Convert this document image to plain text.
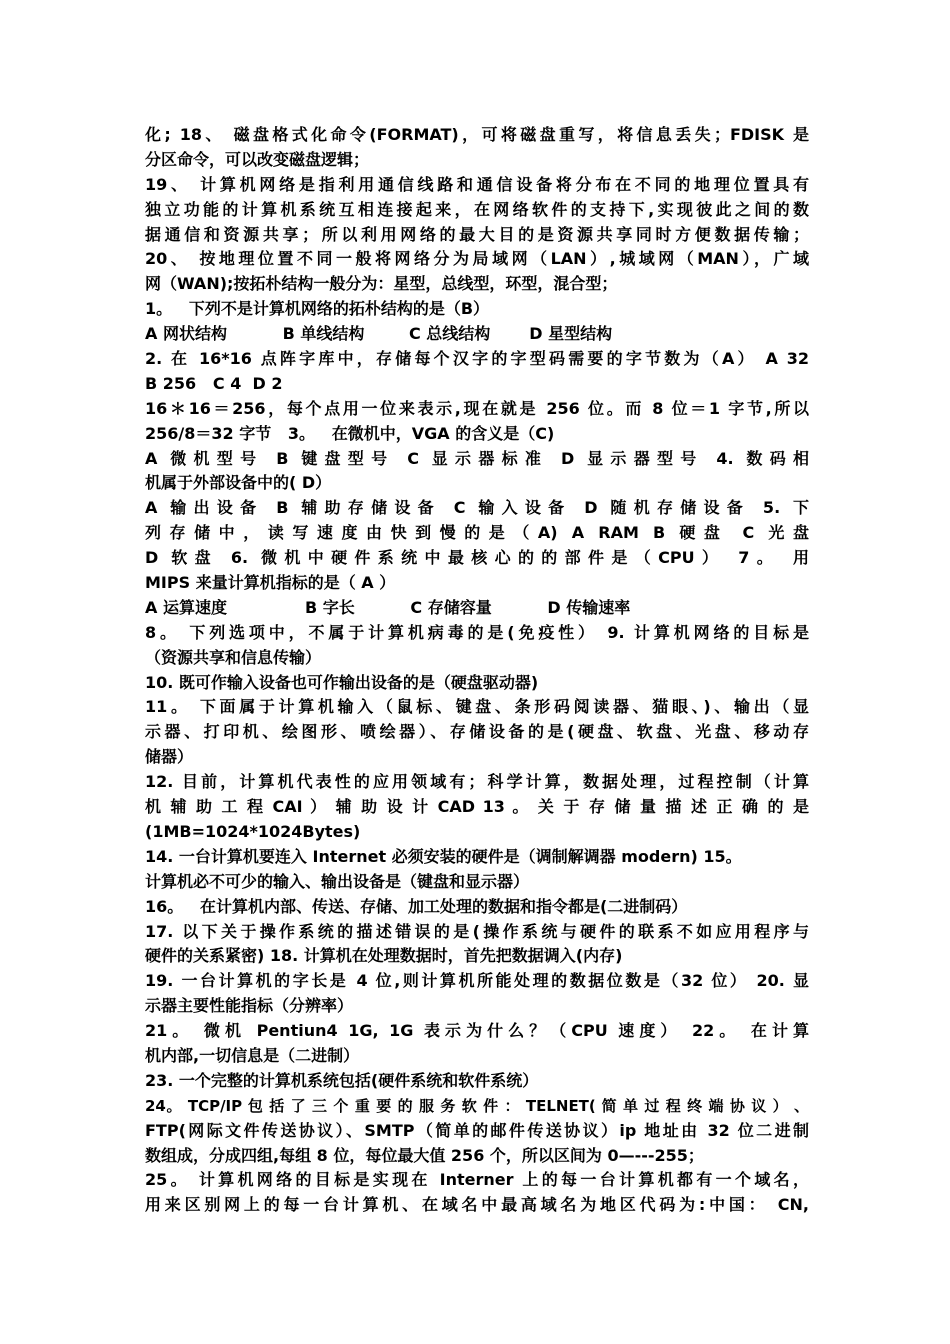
化; 18、 磁盘格式化命令(FORMAT)，可将磁盘重写，将信息丢失；FDISK 是
分区命令，可以改变磁盘逻辑；
19、 计算机网络是指利用通信线路和通信设备将分布在不同的地理位置具有
独立功能的计算机系统互相连接起来，在网络软件的支持下,实现彼此之间的数
据通信和资源共享；所以利用网络的最大目的是资源共享同时方便数据传输；
20、 按地理位置不同一般将网络分为局域网（LAN）,城域网（MAN），广域
网（WAN);按拓朴结构一般分为：星型，总线型，环型，混合型；
1。   下列不是计算机网络的拓朴结构的是（B）
A 网状结构          B 单线结构        C 总线结构       D 星型结构
2. 在 16*16 点阵字库中，存储每个汉字的字型码需要的字节数为（A） A 32
B 256   C 4  D 2
16＊16＝256，每个点用一位来表示,现在就是 256 位。而 8 位＝1 字节,所以
256/8＝32 字节   3。   在微机中，VGA 的含义是（C)
A 微机型号 B 键盘型号 C 显示器标准 D 显示器型号 4. 数码相
机属于外部设备中的( D）
A 输出设备 B 辅助存储设备 C 输入设备 D 随机存储设备 5. 下
列存储中，读写速度由快到慢的是（A) A RAM B 硬盘 C 光盘
D 软盘 6. 微机中硬件系统中最核心的的部件是（CPU） 7。 用
MIPS 来量计算机指标的是（ A ）
A 运算速度              B 字长          C 存储容量          D 传输速率
8。 下列选项中，不属于计算机病毒的是(免疫性） 9. 计算机网络的目标是
（资源共享和信息传输）
10. 既可作输入设备也可作输出设备的是（硬盘驱动器)
11。 下面属于计算机输入（鼠标、键盘、条形码阅读器、猫眼、)、输出（显
示器、打印机、绘图形、喷绘器）、存储设备的是(硬盘、软盘、光盘、移动存
储器）
12. 目前，计算机代表性的应用领域有；科学计算，数据处理，过程控制（计算
机 辅 助 工 程 CAI ） 辅 助 设 计 CAD 13 。 关 于 存 储 量 描 述 正 确 的 是
(1MB=1024*1024Bytes)
14. 一台计算机要连入 Internet 必须安装的硬件是（调制解调器 modern) 15。
计算机必不可少的输入、输出设备是（键盘和显示器）
16。   在计算机内部、传送、存储、加工处理的数据和指令都是(二进制码）
17. 以下关于操作系统的描述错误的是(操作系统与硬件的联系不如应用程序与
硬件的关系紧密) 18. 计算机在处理数据时，首先把数据调入(内存)
19. 一台计算机的字长是 4 位,则计算机所能处理的数据位数是（32 位） 20. 显
示器主要性能指标（分辨率）
21。 微机 Pentiun4 1G, 1G 表示为什么？（CPU 速度） 22。 在计算
机内部,一切信息是（二进制）
23. 一个完整的计算机系统包括(硬件系统和软件系统）
24。 TCP/IP 包 括 了 三 个 重 要 的 服 务 软 件 ： TELNET( 简 单 过 程 终 端 协 议 ） 、
FTP(网际文件传送协议）、SMTP（简单的邮件传送协议）ip 地址由 32 位二进制
数组成，分成四组,每组 8 位，每位最大值 256 个，所以区间为 0—---255；
25。 计算机网络的目标是实现在 Interner 上的每一台计算机都有一个域名，
用来区别网上的每一台计算机、在域名中最高域名为地区代码为:中国： CN,
